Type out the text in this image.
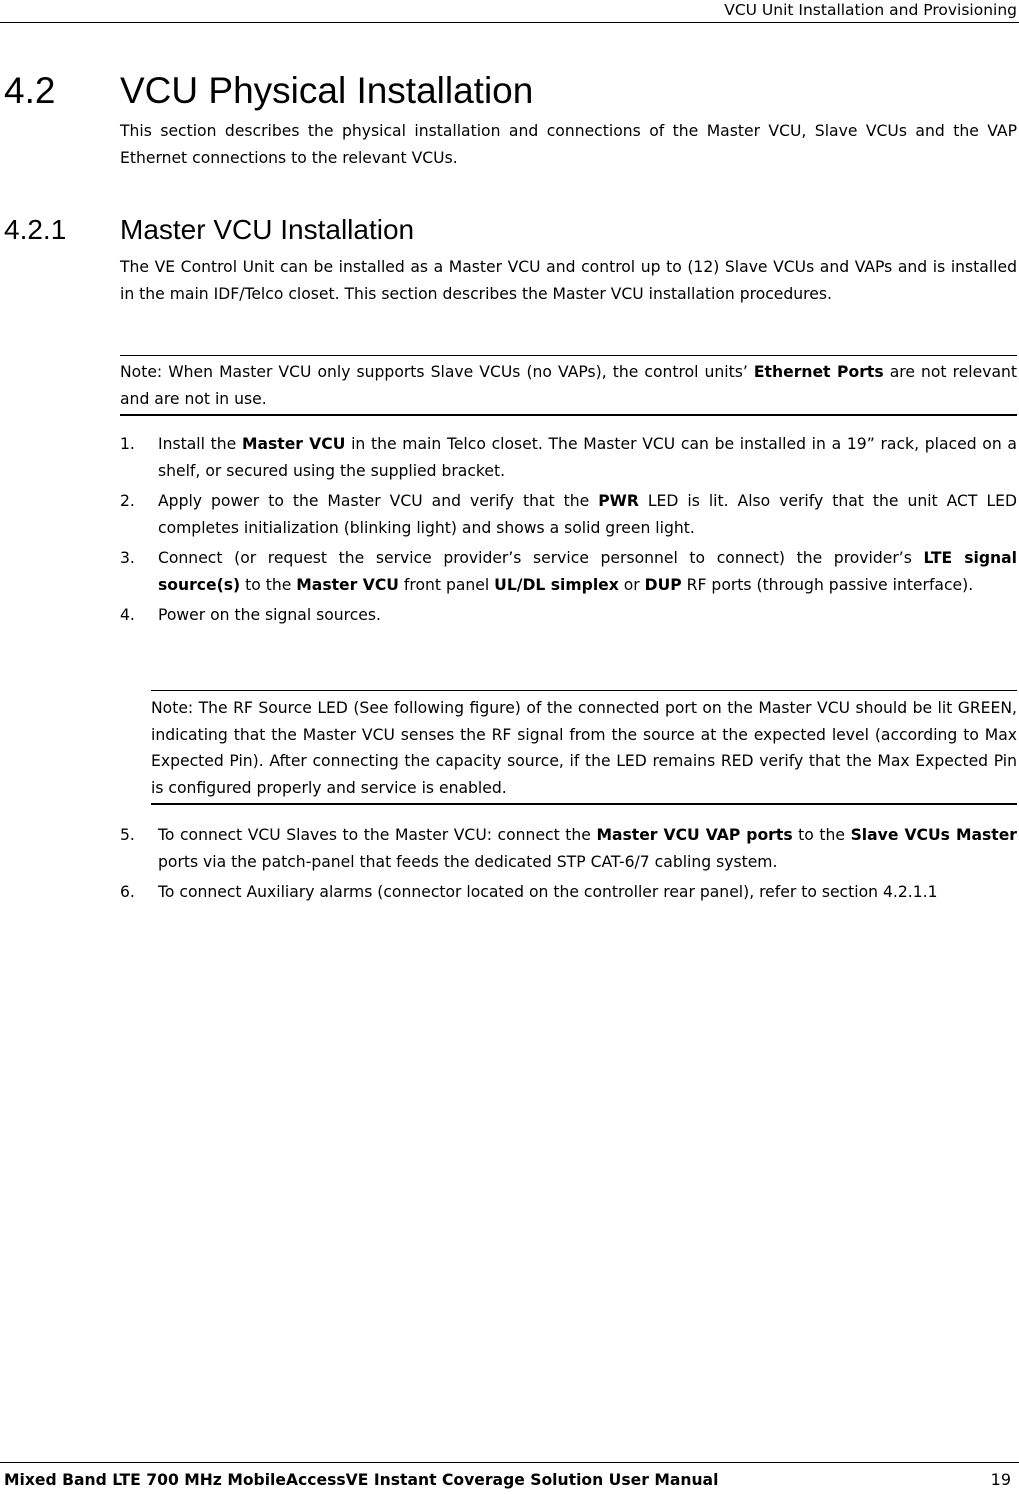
VCU Unit Installation and Provisioning
4.2 VCU Physical Installation
This section describes the physical installation and connections of the Master VCU, Slave VCUs and the VAP Ethernet connections to the relevant VCUs.
4.2.1 Master VCU Installation
The VE Control Unit can be installed as a Master VCU and control up to (12) Slave VCUs and VAPs and is installed in the main IDF/Telco closet. This section describes the Master VCU installation procedures.
Note: When Master VCU only supports Slave VCUs (no VAPs), the control units’ Ethernet Ports are not relevant and are not in use.
1. Install the Master VCU in the main Telco closet. The Master VCU can be installed in a 19” rack, placed on a shelf, or secured using the supplied bracket.
2. Apply power to the Master VCU and verify that the PWR LED is lit. Also verify that the unit ACT LED completes initialization (blinking light) and shows a solid green light.
3. Connect (or request the service provider’s service personnel to connect) the provider’s LTE signal source(s) to the Master VCU front panel UL/DL simplex or DUP RF ports (through passive interface).
4. Power on the signal sources.
Note: The RF Source LED (See following figure) of the connected port on the Master VCU should be lit GREEN, indicating that the Master VCU senses the RF signal from the source at the expected level (according to Max Expected Pin). After connecting the capacity source, if the LED remains RED verify that the Max Expected Pin is configured properly and service is enabled.
5. To connect VCU Slaves to the Master VCU: connect the Master VCU VAP ports to the Slave VCUs Master ports via the patch-panel that feeds the dedicated STP CAT-6/7 cabling system.
6. To connect Auxiliary alarms (connector located on the controller rear panel), refer to section 4.2.1.1
Mixed Band LTE 700 MHz MobileAccessVE Instant Coverage Solution User Manual	19
